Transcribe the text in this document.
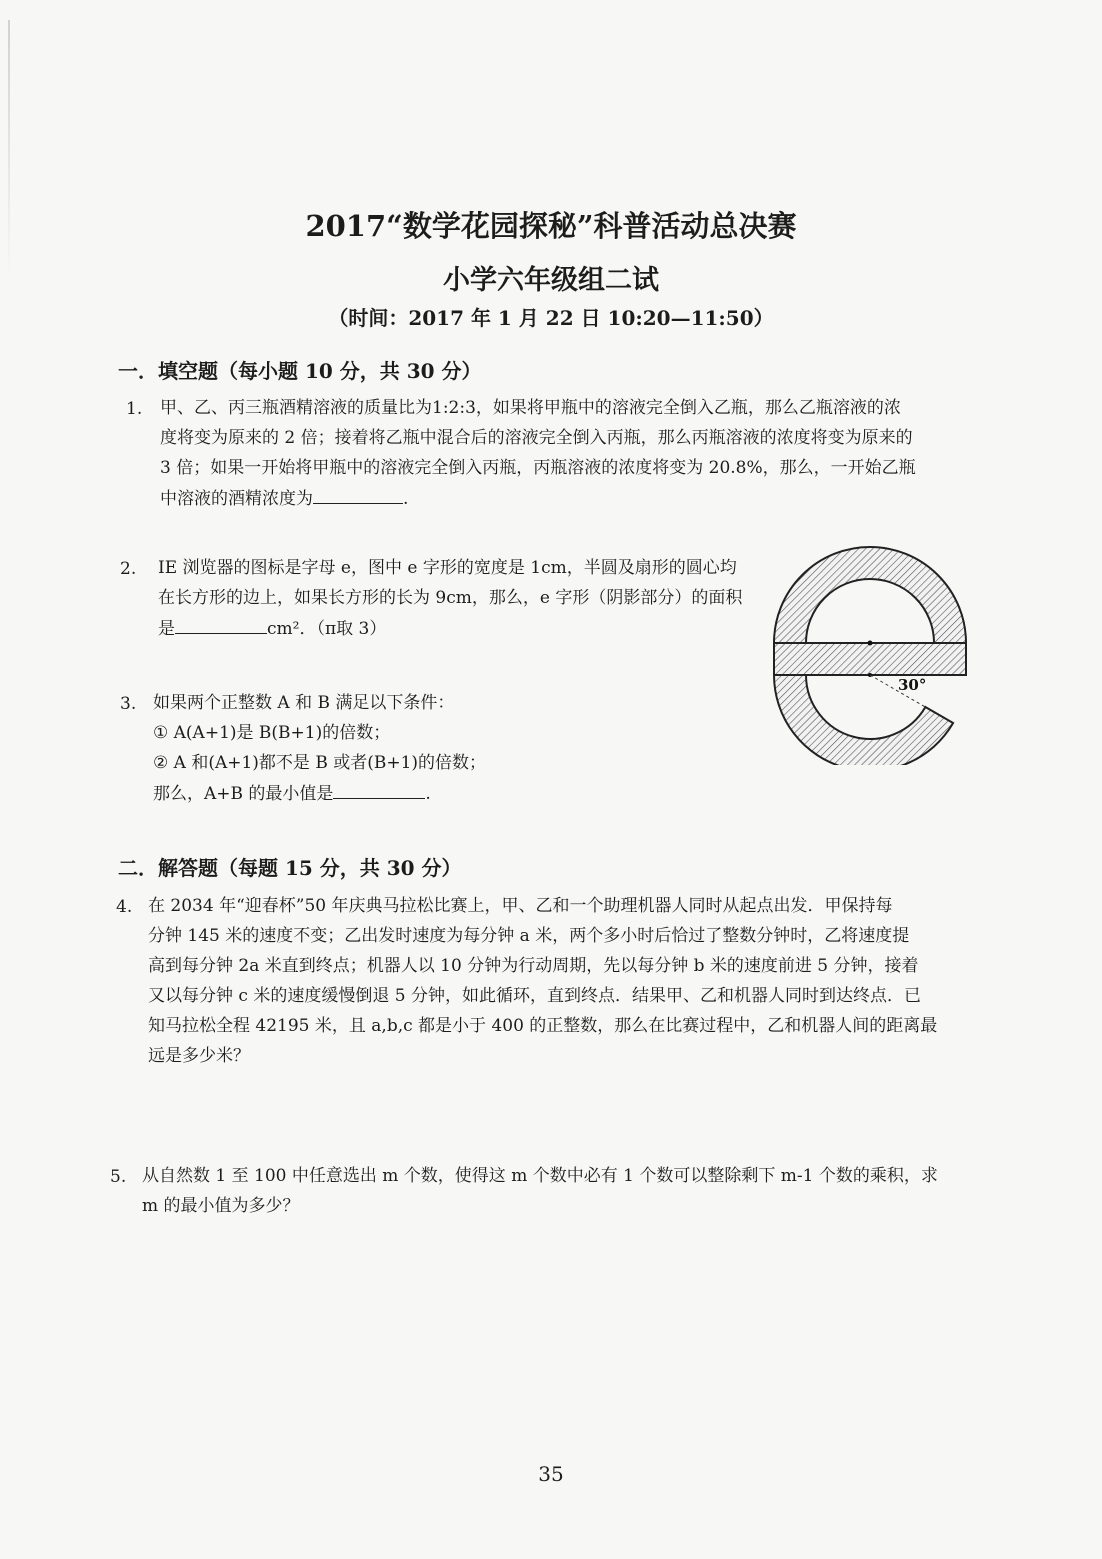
2017“数学花园探秘”科普活动总决赛
小学六年级组二试
（时间：2017 年 1 月 22 日 10:20—11:50）
一．填空题（每小题 10 分，共 30 分）
1. 甲、乙、丙三瓶酒精溶液的质量比为1:2:3，如果将甲瓶中的溶液完全倒入乙瓶，那么乙瓶溶液的浓
度将变为原来的 2 倍；接着将乙瓶中混合后的溶液完全倒入丙瓶，那么丙瓶溶液的浓度将变为原来的
3 倍；如果一开始将甲瓶中的溶液完全倒入丙瓶，丙瓶溶液的浓度将变为 20.8%，那么，一开始乙瓶
中溶液的酒精浓度为	.
2. IE 浏览器的图标是字母 e，图中 e 字形的宽度是 1cm，半圆及扇形的圆心均
在长方形的边上，如果长方形的长为 9cm，那么，e 字形（阴影部分）的面积
是	cm²．（π取 3）
3. 如果两个正整数 A 和 B 满足以下条件：
① A(A+1)是 B(B+1)的倍数；
② A 和(A+1)都不是 B 或者(B+1)的倍数；
那么，A+B 的最小值是	.
30°
二．解答题（每题 15 分，共 30 分）
4. 在 2034 年“迎春杯”50 年庆典马拉松比赛上，甲、乙和一个助理机器人同时从起点出发．甲保持每
分钟 145 米的速度不变；乙出发时速度为每分钟 a 米，两个多小时后恰过了整数分钟时，乙将速度提
高到每分钟 2a 米直到终点；机器人以 10 分钟为行动周期，先以每分钟 b 米的速度前进 5 分钟，接着
又以每分钟 c 米的速度缓慢倒退 5 分钟，如此循环，直到终点．结果甲、乙和机器人同时到达终点．已
知马拉松全程 42195 米，且 a,b,c 都是小于 400 的正整数，那么在比赛过程中，乙和机器人间的距离最
远是多少米？
5. 从自然数 1 至 100 中任意选出 m 个数，使得这 m 个数中必有 1 个数可以整除剩下 m-1 个数的乘积，求
m 的最小值为多少？
35
